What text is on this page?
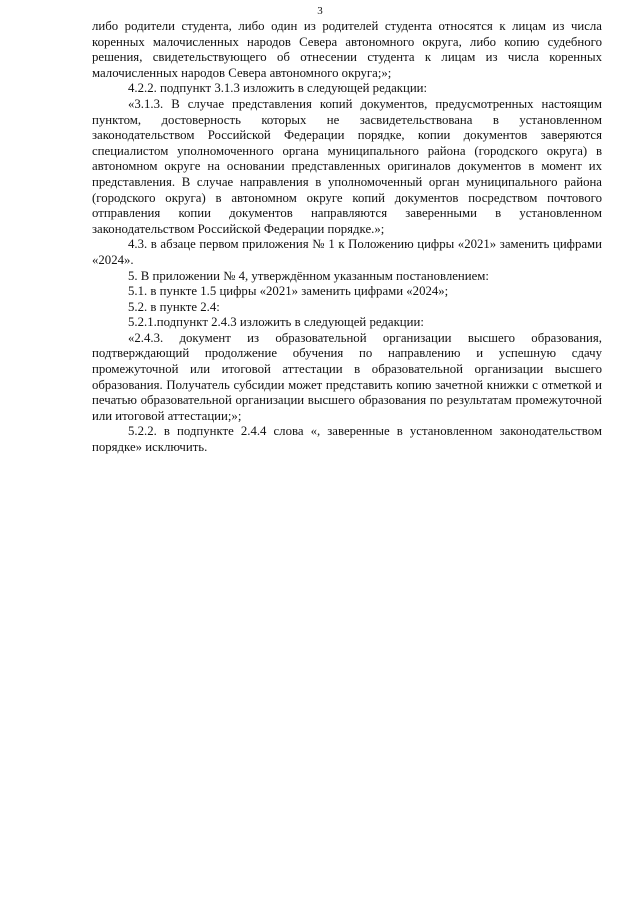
3

либо родители студента, либо один из родителей студента относятся к лицам из числа коренных малочисленных народов Севера автономного округа, либо копию судебного решения, свидетельствующего об отнесении студента к лицам из числа коренных малочисленных народов Севера автономного округа;»;

4.2.2. подпункт 3.1.3 изложить в следующей редакции:

«3.1.3. В случае представления копий документов, предусмотренных настоящим пунктом, достоверность которых не засвидетельствована в установленном законодательством Российской Федерации порядке, копии документов заверяются специалистом уполномоченного органа муниципального района (городского округа) в автономном округе на основании представленных оригиналов документов в момент их представления. В случае направления в уполномоченный орган муниципального района (городского округа) в автономном округе копий документов посредством почтового отправления копии документов направляются заверенными в установленном законодательством Российской Федерации порядке.»;

4.3. в абзаце первом приложения № 1 к Положению цифры «2021» заменить цифрами «2024».

5. В приложении № 4, утверждённом указанным постановлением:

5.1. в пункте 1.5 цифры «2021» заменить цифрами «2024»;

5.2. в пункте 2.4:

5.2.1.подпункт 2.4.3 изложить в следующей редакции:

«2.4.3. документ из образовательной организации высшего образования, подтверждающий продолжение обучения по направлению и успешную сдачу промежуточной или итоговой аттестации в образовательной организации высшего образования. Получатель субсидии может представить копию зачетной книжки с отметкой и печатью образовательной организации высшего образования по результатам промежуточной или итоговой аттестации;»;

5.2.2. в подпункте 2.4.4 слова «, заверенные в установленном законодательством порядке» исключить.
